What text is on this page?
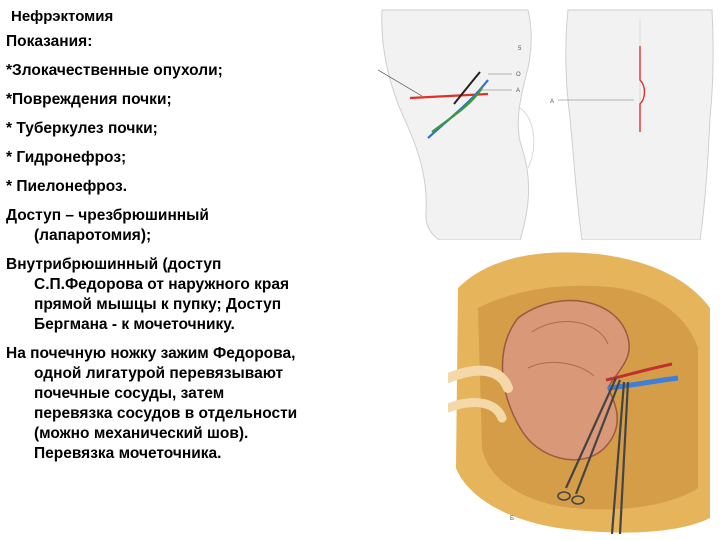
Нефрэктомия
Показания:
*Злокачественные опухоли;
*Повреждения почки;
* Туберкулез почки;
* Гидронефроз;
* Пиелонефроз.
Доступ – чрезбрюшинный
(лапаротомия);
Внутрибрюшинный (доступ
С.П.Федорова от наружного края
прямой мышцы к пупку; Доступ
Бергмана - к мочеточнику.
На почечную ножку зажим Федорова,
одной лигатурой перевязывают
почечные сосуды, затем
перевязка сосудов в отдельности
(можно механический шов).
Перевязка мочеточника.
5
O
A
A
Б
